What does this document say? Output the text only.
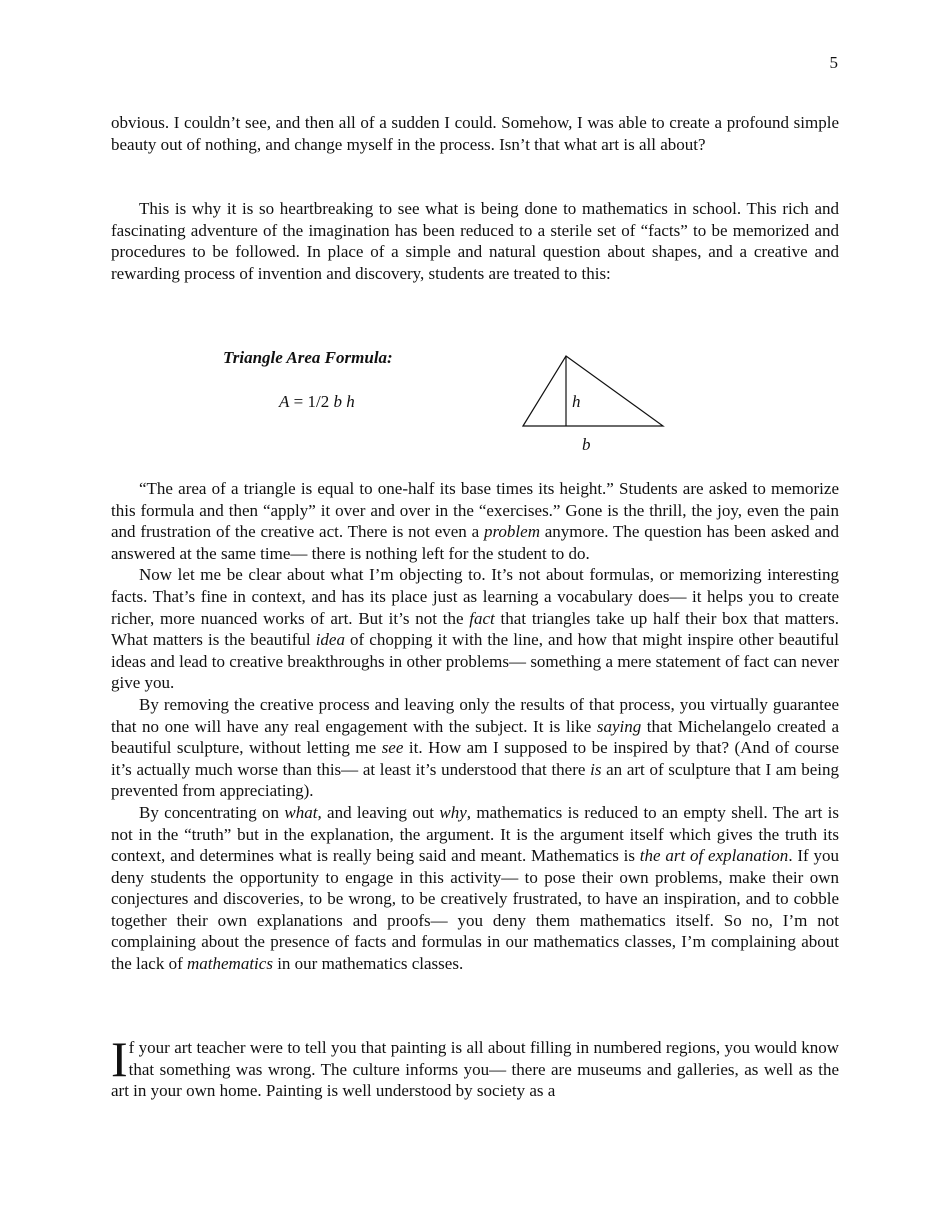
5

obvious. I couldn’t see, and then all of a sudden I could. Somehow, I was able to create a profound simple beauty out of nothing, and change myself in the process. Isn’t that what art is all about?

This is why it is so heartbreaking to see what is being done to mathematics in school. This rich and fascinating adventure of the imagination has been reduced to a sterile set of “facts” to be memorized and procedures to be followed. In place of a simple and natural question about shapes, and a creative and rewarding process of invention and discovery, students are treated to this:

Triangle Area Formula:
A = 1/2 b h	h
b

“The area of a triangle is equal to one-half its base times its height.” Students are asked to memorize this formula and then “apply” it over and over in the “exercises.” Gone is the thrill, the joy, even the pain and frustration of the creative act. There is not even a problem anymore. The question has been asked and answered at the same time— there is nothing left for the student to do.

Now let me be clear about what I’m objecting to. It’s not about formulas, or memorizing interesting facts. That’s fine in context, and has its place just as learning a vocabulary does— it helps you to create richer, more nuanced works of art. But it’s not the fact that triangles take up half their box that matters. What matters is the beautiful idea of chopping it with the line, and how that might inspire other beautiful ideas and lead to creative breakthroughs in other problems— something a mere statement of fact can never give you.

By removing the creative process and leaving only the results of that process, you virtually guarantee that no one will have any real engagement with the subject. It is like saying that Michelangelo created a beautiful sculpture, without letting me see it. How am I supposed to be inspired by that? (And of course it’s actually much worse than this— at least it’s understood that there is an art of sculpture that I am being prevented from appreciating).

By concentrating on what, and leaving out why, mathematics is reduced to an empty shell. The art is not in the “truth” but in the explanation, the argument. It is the argument itself which gives the truth its context, and determines what is really being said and meant. Mathematics is the art of explanation. If you deny students the opportunity to engage in this activity— to pose their own problems, make their own conjectures and discoveries, to be wrong, to be creatively frustrated, to have an inspiration, and to cobble together their own explanations and proofs— you deny them mathematics itself. So no, I’m not complaining about the presence of facts and formulas in our mathematics classes, I’m complaining about the lack of mathematics in our mathematics classes.

If your art teacher were to tell you that painting is all about filling in numbered regions, you would know that something was wrong. The culture informs you— there are museums and galleries, as well as the art in your own home. Painting is well understood by society as a
